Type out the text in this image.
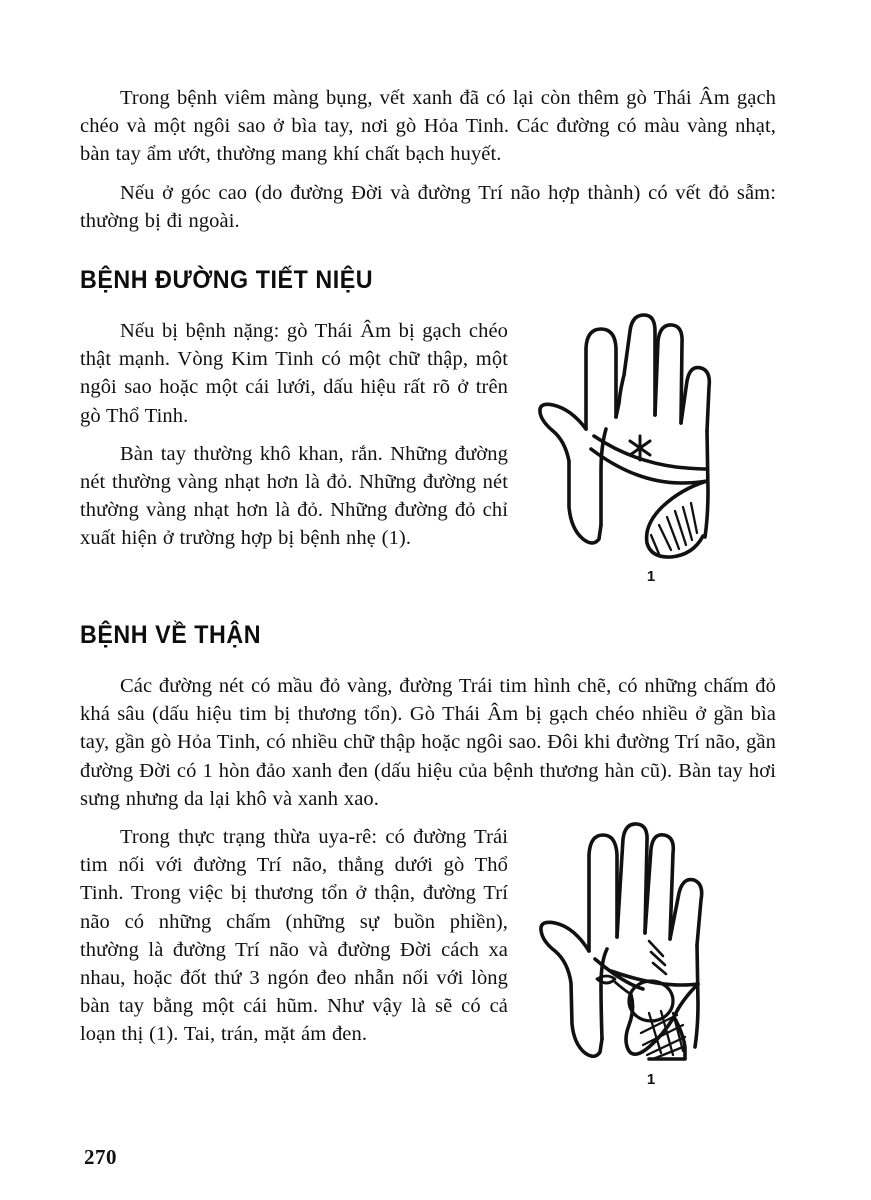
Trong bệnh viêm màng bụng, vết xanh đã có lại còn thêm gò Thái Âm gạch chéo và một ngôi sao ở bìa tay, nơi gò Hỏa Tinh. Các đường có màu vàng nhạt, bàn tay ẩm ướt, thường mang khí chất bạch huyết.

Nếu ở góc cao (do đường Đời và đường Trí não hợp thành) có vết đỏ sẫm: thường bị đi ngoài.

BỆNH ĐƯỜNG TIẾT NIỆU
1

Nếu bị bệnh nặng: gò Thái Âm bị gạch chéo thật mạnh. Vòng Kim Tinh có một chữ thập, một ngôi sao hoặc một cái lưới, dấu hiệu rất rõ ở trên gò Thổ Tinh.

Bàn tay thường khô khan, rắn. Những đường nét thường vàng nhạt hơn là đỏ. Những đường nét thường vàng nhạt hơn là đỏ. Những đường đỏ chỉ xuất hiện ở trường hợp bị bệnh nhẹ (1).

BỆNH VỀ THẬN

Các đường nét có mầu đỏ vàng, đường Trái tim hình chẽ, có những chấm đỏ khá sâu (dấu hiệu tim bị thương tổn). Gò Thái Âm bị gạch chéo nhiều ở gần bìa tay, gần gò Hỏa Tinh, có nhiều chữ thập hoặc ngôi sao. Đôi khi đường Trí não, gần đường Đời có 1 hòn đảo xanh đen (dấu hiệu của bệnh thương hàn cũ). Bàn tay hơi sưng nhưng da lại khô và xanh xao.

1

Trong thực trạng thừa uya-rê: có đường Trái tim nối với đường Trí não, thẳng dưới gò Thổ Tinh. Trong việc bị thương tổn ở thận, đường Trí não có những chấm (những sự buồn phiền), thường là đường Trí não và đường Đời cách xa nhau, hoặc đốt thứ 3 ngón đeo nhẫn nối với lòng bàn tay bằng một cái hũm. Như vậy là sẽ có cả loạn thị (1). Tai, trán, mặt ám đen.

270
